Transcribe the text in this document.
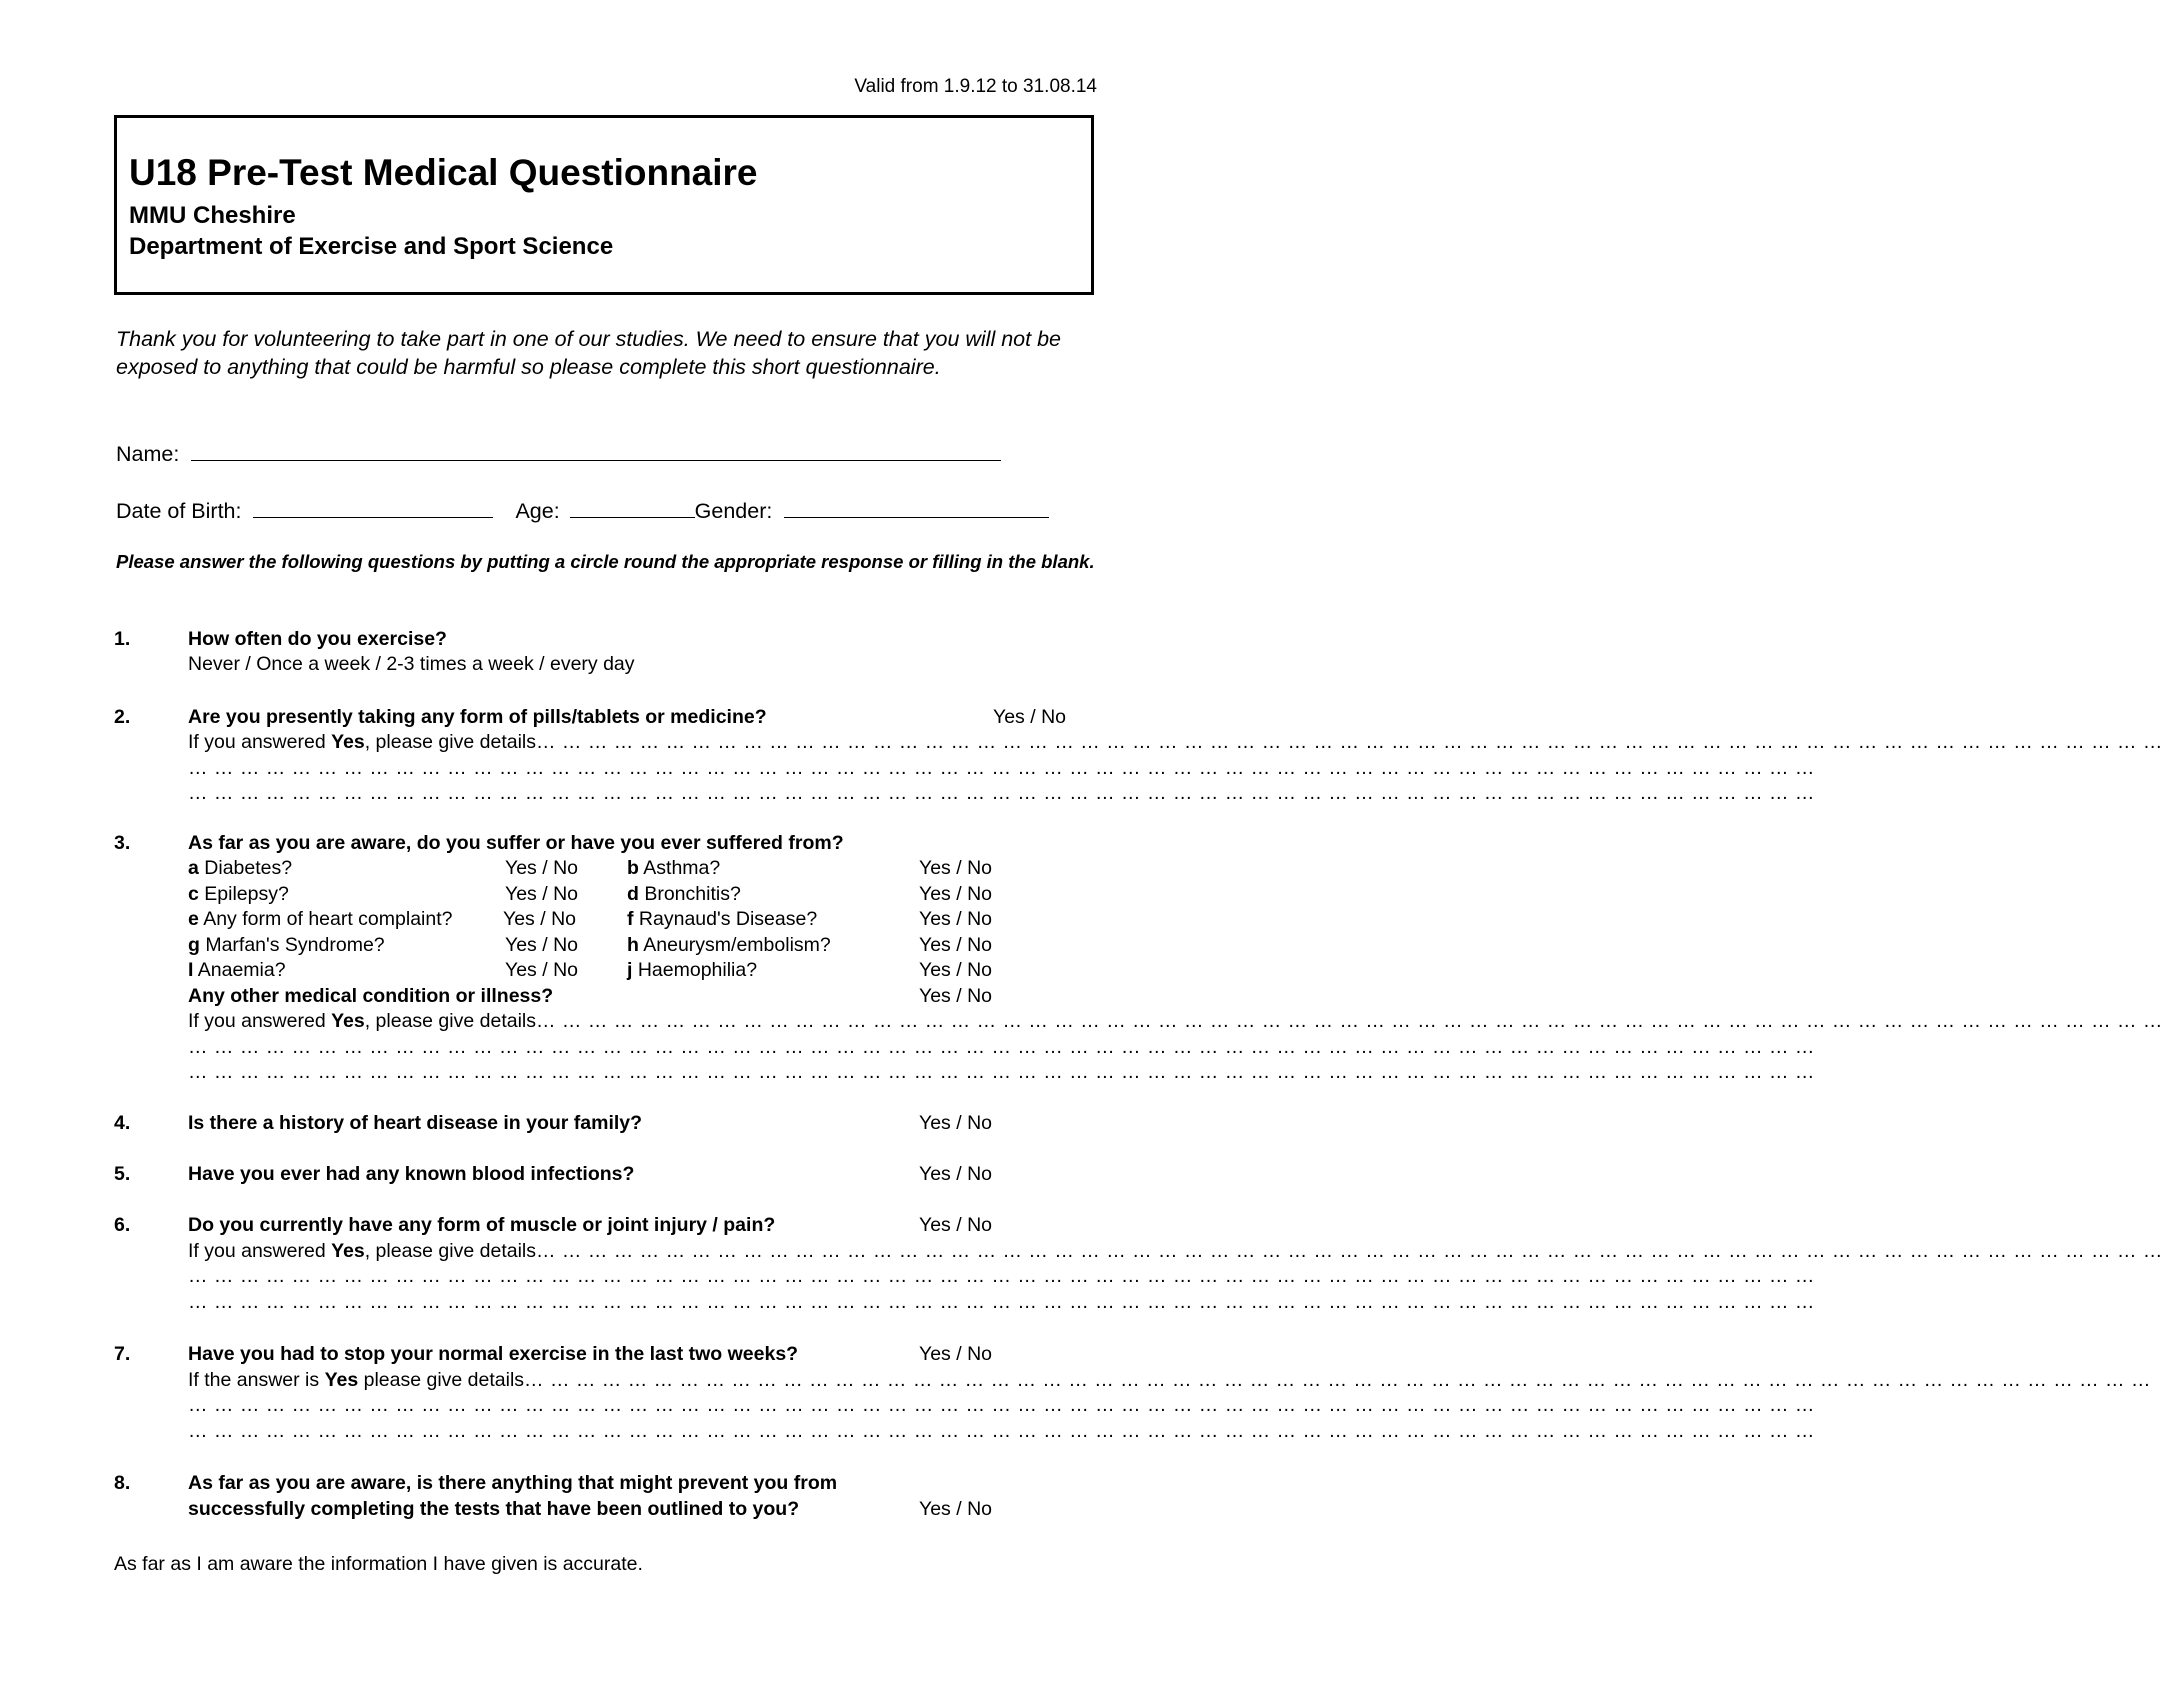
Valid from 1.9.12 to 31.08.14
U18 Pre-Test Medical Questionnaire
MMU Cheshire
Department of Exercise and Sport Science
Thank you for volunteering to take part in one of our studies. We need to ensure that you will not be exposed to anything that could be harmful so please complete this short questionnaire.
Name:
Date of Birth:	Age:	Gender:
Please answer the following questions by putting a circle round the appropriate response or filling in the blank.
1.	How often do you exercise?
Never / Once a week / 2-3 times a week / every day
2.	Are you presently taking any form of pills/tablets or medicine?	Yes / No
If you answered Yes, please give details… … … … … … … … … … … … … … … … … … … … … … … … … … … … … … … … … … … … … … … … … … … … … … … … … … … … … … … … … … … … … … …
… … … … … … … … … … … … … … … … … … … … … … … … … … … … … … … … … … … … … … … … … … … … … … … … … … … … … … … … … … … … … … …
… … … … … … … … … … … … … … … … … … … … … … … … … … … … … … … … … … … … … … … … … … … … … … … … … … … … … … … … … … … … … … …
3.	As far as you are aware, do you suffer or have you ever suffered from?
a Diabetes?	Yes / No	b Asthma?	Yes / No
c Epilepsy?	Yes / No	d Bronchitis?	Yes / No
e Any form of heart complaint?	Yes / No	f Raynaud's Disease?	Yes / No
g Marfan's Syndrome?	Yes / No	h Aneurysm/embolism?	Yes / No
I Anaemia?	Yes / No	j Haemophilia?	Yes / No
Any other medical condition or illness?	Yes / No
If you answered Yes, please give details… … … … … … … … … … … … … … … … … … … … … … … … … … … … … … … … … … … … … … … … … … … … … … … … … … … … … … … … … … … … … … …
… … … … … … … … … … … … … … … … … … … … … … … … … … … … … … … … … … … … … … … … … … … … … … … … … … … … … … … … … … … … … … …
… … … … … … … … … … … … … … … … … … … … … … … … … … … … … … … … … … … … … … … … … … … … … … … … … … … … … … … … … … … … … … …
4.	Is there a history of heart disease in your family?	Yes / No
5.	Have you ever had any known blood infections?	Yes / No
6.	Do you currently have any form of muscle or joint injury / pain?	Yes / No
If you answered Yes, please give details… … … … … … … … … … … … … … … … … … … … … … … … … … … … … … … … … … … … … … … … … … … … … … … … … … … … … … … … … … … … … … …
… … … … … … … … … … … … … … … … … … … … … … … … … … … … … … … … … … … … … … … … … … … … … … … … … … … … … … … … … … … … … … …
… … … … … … … … … … … … … … … … … … … … … … … … … … … … … … … … … … … … … … … … … … … … … … … … … … … … … … … … … … … … … … …
7.	Have you had to stop your normal exercise in the last two weeks?	Yes / No
If the answer is Yes please give details… … … … … … … … … … … … … … … … … … … … … … … … … … … … … … … … … … … … … … … … … … … … … … … … … … … … … … … … … … … … … … …
… … … … … … … … … … … … … … … … … … … … … … … … … … … … … … … … … … … … … … … … … … … … … … … … … … … … … … … … … … … … … … …
… … … … … … … … … … … … … … … … … … … … … … … … … … … … … … … … … … … … … … … … … … … … … … … … … … … … … … … … … … … … … … …
8.	As far as you are aware, is there anything that might prevent you from
successfully completing the tests that have been outlined to you?	Yes / No
As far as I am aware the information I have given is accurate.
